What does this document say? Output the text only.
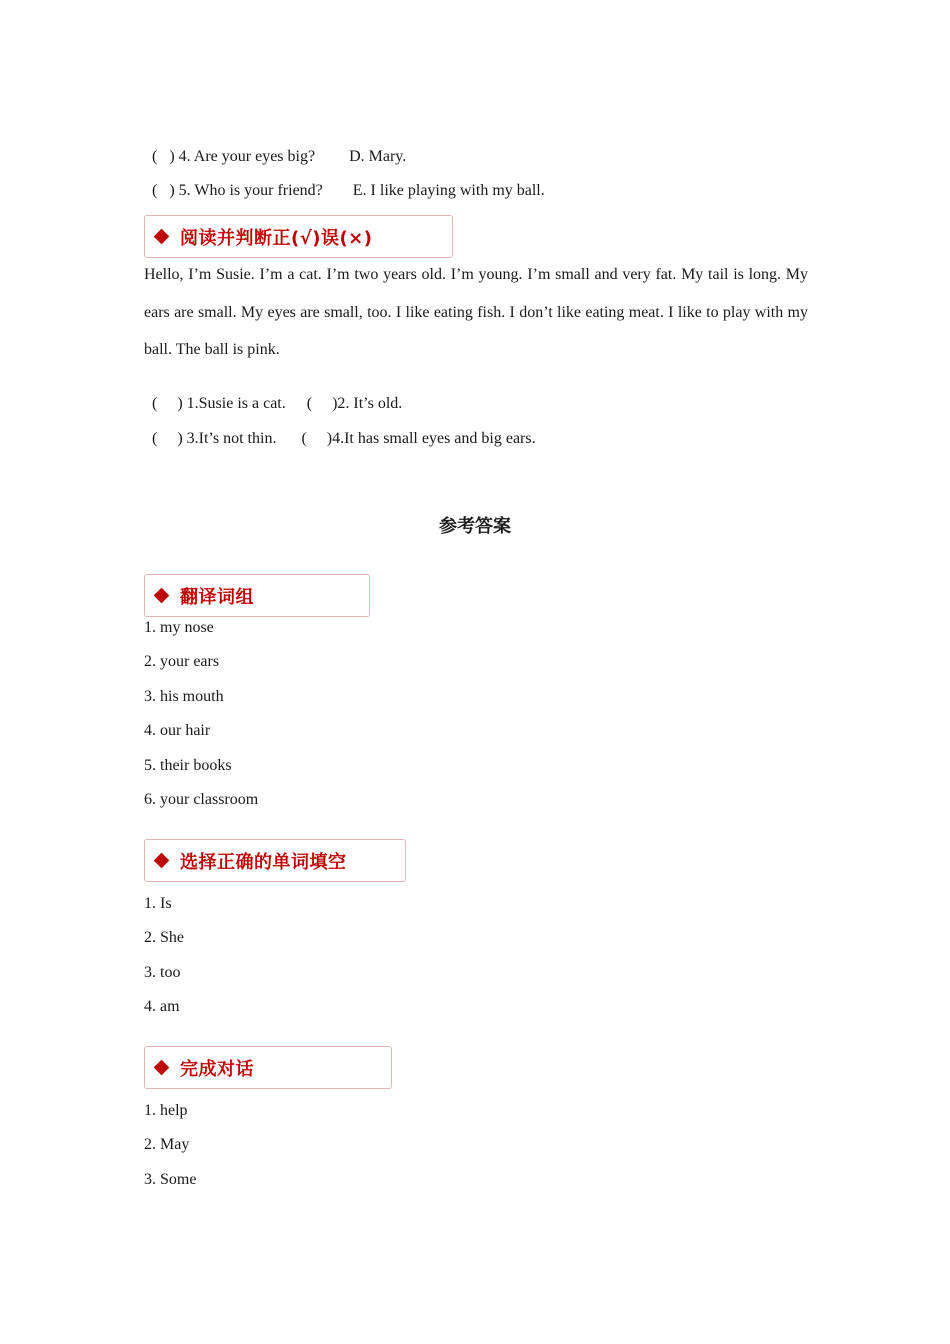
(   ) 4. Are your eyes big? D. Mary.

(   ) 5. Who is your friend? E. I like playing with my ball.

阅读并判断正(√)误(×)
Hello, I’m Susie. I’m a cat. I’m two years old. I’m young. I’m small and very fat. My tail is long. My ears are small. My eyes are small, too. I like eating fish. I don’t like eating meat. I like to play with my ball. The ball is pink.

(     ) 1.Susie is a cat. (     )2. It’s old.

(     ) 3.It’s not thin. (     )4.It has small eyes and big ears.

参考答案
翻译词组
1. my nose
2. your ears
3. his mouth
4. our hair
5. their books
6. your classroom
选择正确的单词填空
1. Is
2. She
3. too
4. am
完成对话
1. help
2. May
3. Some
